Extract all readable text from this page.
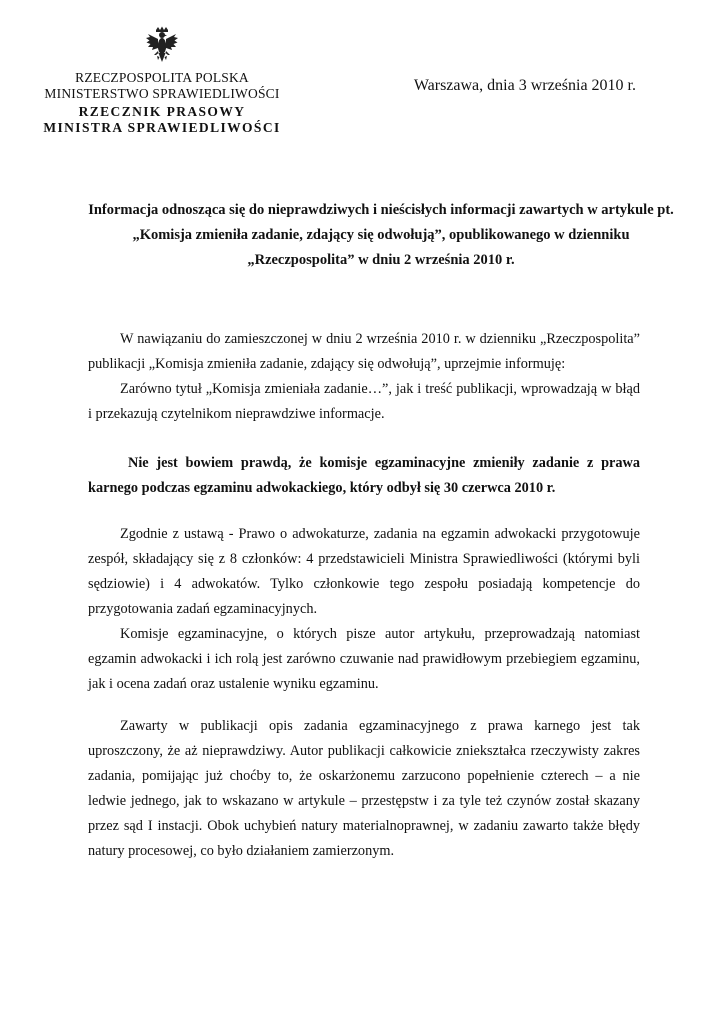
RZECZPOSPOLITA POLSKA
MINISTERSTWO SPRAWIEDLIWOŚCI
RZECZNIK PRASOWY
MINISTRA SPRAWIEDLIWOŚCI
Warszawa, dnia 3 września 2010 r.
Informacja odnosząca się do nieprawdziwych i nieścisłych informacji zawartych w artykule pt. „Komisja zmieniła zadanie, zdający się odwołują”, opublikowanego w dzienniku „Rzeczpospolita” w dniu 2 września 2010 r.

W nawiązaniu do zamieszczonej w dniu 2 września 2010 r. w dzienniku „Rzeczpospolita” publikacji „Komisja zmieniła zadanie, zdający się odwołują”, uprzejmie informuję:

Zarówno tytuł „Komisja zmieniała zadanie…”, jak i treść publikacji, wprowadzają w błąd i przekazują czytelnikom nieprawdziwe informacje.

Nie jest bowiem prawdą, że komisje egzaminacyjne zmieniły zadanie z prawa karnego podczas egzaminu adwokackiego, który odbył się 30 czerwca 2010 r.

Zgodnie z ustawą - Prawo o adwokaturze, zadania na egzamin adwokacki przygotowuje zespół, składający się z 8 członków: 4 przedstawicieli Ministra Sprawiedliwości (którymi byli sędziowie) i 4 adwokatów. Tylko członkowie tego zespołu posiadają kompetencje do przygotowania zadań egzaminacyjnych.

Komisje egzaminacyjne, o których pisze autor artykułu, przeprowadzają natomiast egzamin adwokacki i ich rolą jest zarówno czuwanie nad prawidłowym przebiegiem egzaminu, jak i ocena zadań oraz ustalenie wyniku egzaminu.

Zawarty w publikacji opis zadania egzaminacyjnego z prawa karnego jest tak uproszczony, że aż nieprawdziwy. Autor publikacji całkowicie zniekształca rzeczywisty zakres zadania, pomijając już choćby to, że oskarżonemu zarzucono popełnienie czterech – a nie ledwie jednego, jak to wskazano w artykule – przestępstw i za tyle też czynów został skazany przez sąd I instacji. Obok uchybień natury materialnoprawnej, w zadaniu zawarto także błędy natury procesowej, co było działaniem zamierzonym.
